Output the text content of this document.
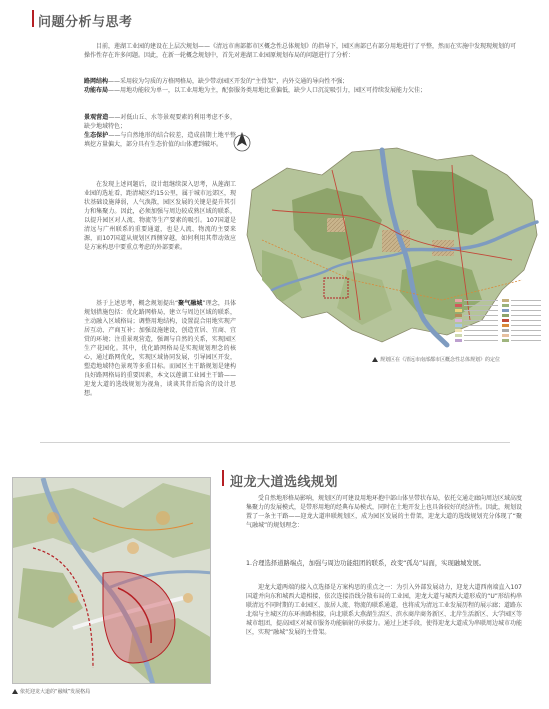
问题分析与思考

目前，莲湖工业园的建设在上层次规划——《清远市南部都市区概念性总体规划》的指导下，园区南部已有部分用地进行了平整，然而在实施中发现现规划的可操作性存在许多问题。因此，在新一轮概念规划中，首先对莲湖工业园原规划布局的问题进行了分析：

路网结构——采用较为匀质的方格网格局，缺少带动园区开发的“主骨架”，内外交通的导向性不强；

功能布局——用地功能较为单一，以工业用地为主，配套服务类用地比重偏低，缺少人口沉淀吸引力，园区可持续发展能力欠佳；

景观营造——对低山丘、水等景观要素的利用考虑不多，缺少地域特色；

生态保护——与自然地形的结合较差，造成前期土地平整填挖方量偏大，部分具有生态价值的山体遭到破坏。

在发现上述问题后，设计组继续深入思考，从莲湖工业园的选址看，距清城区约15公里，属于城市远郊区，现状基础设施薄弱，人气涣散，园区发展的关键是提升其引力和集聚力。因此，必须加强与周边较成熟区域的联系，以提升园区对人流、物流等生产要素的吸引。107国道是清远与广州联系的重要通道，也是人流、物流的主要来源，而107国道从规划区西侧穿越，如何利用其带动效应是方案构思中要重点考虑的外部要素。

基于上述思考，概念规划提出“聚气融城”理念，具体规划措施包括：优化路网格局，建立与周边区域的联系，主动融入区域格局；调整用地结构，设置混合用地实现产居互动、产商互补；加强设施建设，创造宜居、宜商、宜赏的环境；注重景观营造，强调与自然的关系，实现园区生产花园化。其中，优化路网格局是实现规划理念的核心，通过路网优化，实现区域协同发展，引导园区开发，塑造地域特色景观等多重目标。而园区主干路规划是建构良好路网格局的重要因素，本文以莲湖工业园主干路——迎龙大道的选线规划为视角，谈谈其背后隐含的设计思想。

规划区在《清远市南部都市区概念性总体规划》的定位
迎龙大道选线规划

受自然地形格局影响，规划区的可建设用地环抱中部山体呈带状布局，依托交通走廊向周边区域高度集聚力的发展模式，是带形用地的经典布局模式，同时在土地开发上也具备较好的经济性。因此，规划设置了一条主干路——迎龙大道串联规划区，成为园区发展的主骨架，迎龙大道的选线规划充分体现了“聚气融城”的规划理念：

1.合理选择道路端点，加强与周边功能组团的联系，改变“孤岛”局面，实现融城发展。

迎龙大道两端的接入点选择是方案构思的重点之一：为引入外部发展动力，迎龙大道西南端直入107国道并向东和城西大道相接，依次连接沿线分散布局的工业园，迎龙大道与城西大道形成的“U”形结构串联清远不同时期的工业园区、旅居人流、物流的联系通道，也将成为清远工业发展历程的展示廊；道路东北端与主城区的东环南路相接，向北联系大燕湖生活区、滨水商岸商务新区、北岸生活新区、大学园区等城市组团，提高园区对城市服务功能辐射的承接力。通过上述手段，使得迎龙大道成为串联周边城市功能区，实现“融城”发展的主骨架。

依托迎龙大道的“融城”发展格局
